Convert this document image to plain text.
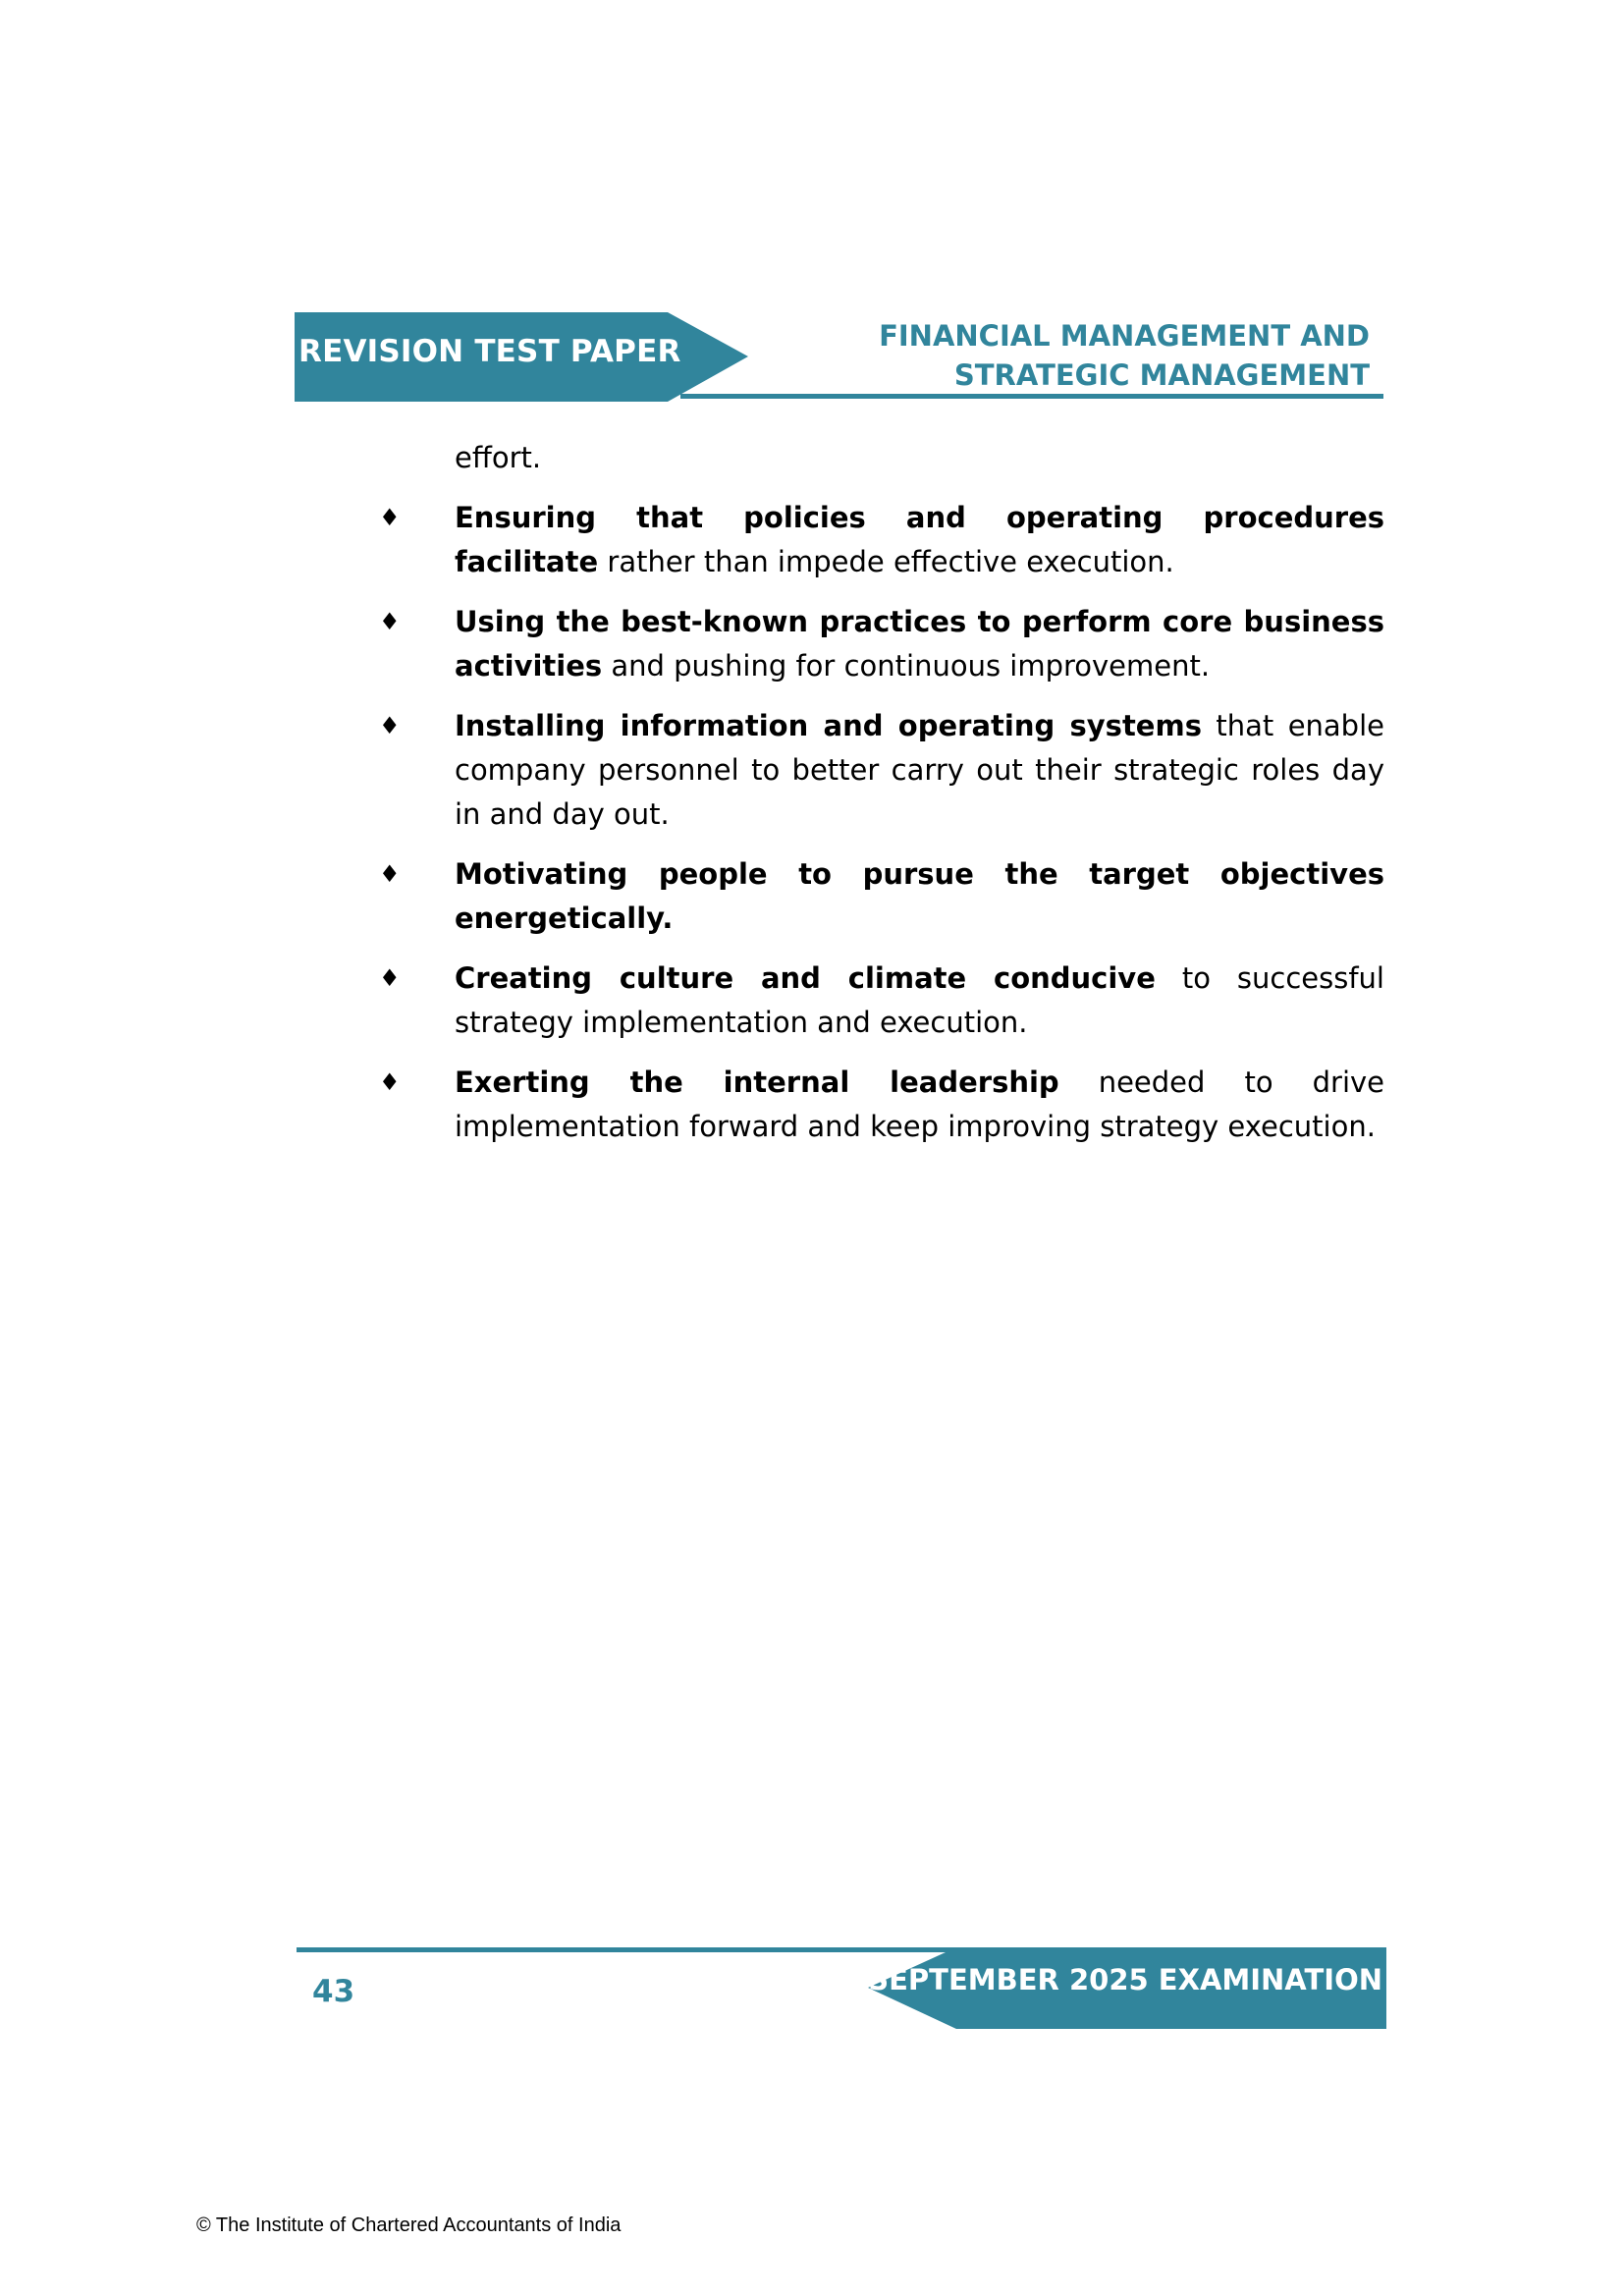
REVISION TEST PAPER	FINANCIAL MANAGEMENT AND
STRATEGIC MANAGEMENT
effort.
♦ Ensuring that policies and operating procedures facilitate rather than impede effective execution.
♦ Using the best-known practices to perform core business activities and pushing for continuous improvement.
♦ Installing information and operating systems that enable company personnel to better carry out their strategic roles day in and day out.
♦ Motivating people to pursue the target objectives energetically.
♦ Creating culture and climate conducive to successful strategy implementation and execution.
♦ Exerting the internal leadership needed to drive implementation forward and keep improving strategy execution.
43	SEPTEMBER 2025 EXAMINATION
© The Institute of Chartered Accountants of India
